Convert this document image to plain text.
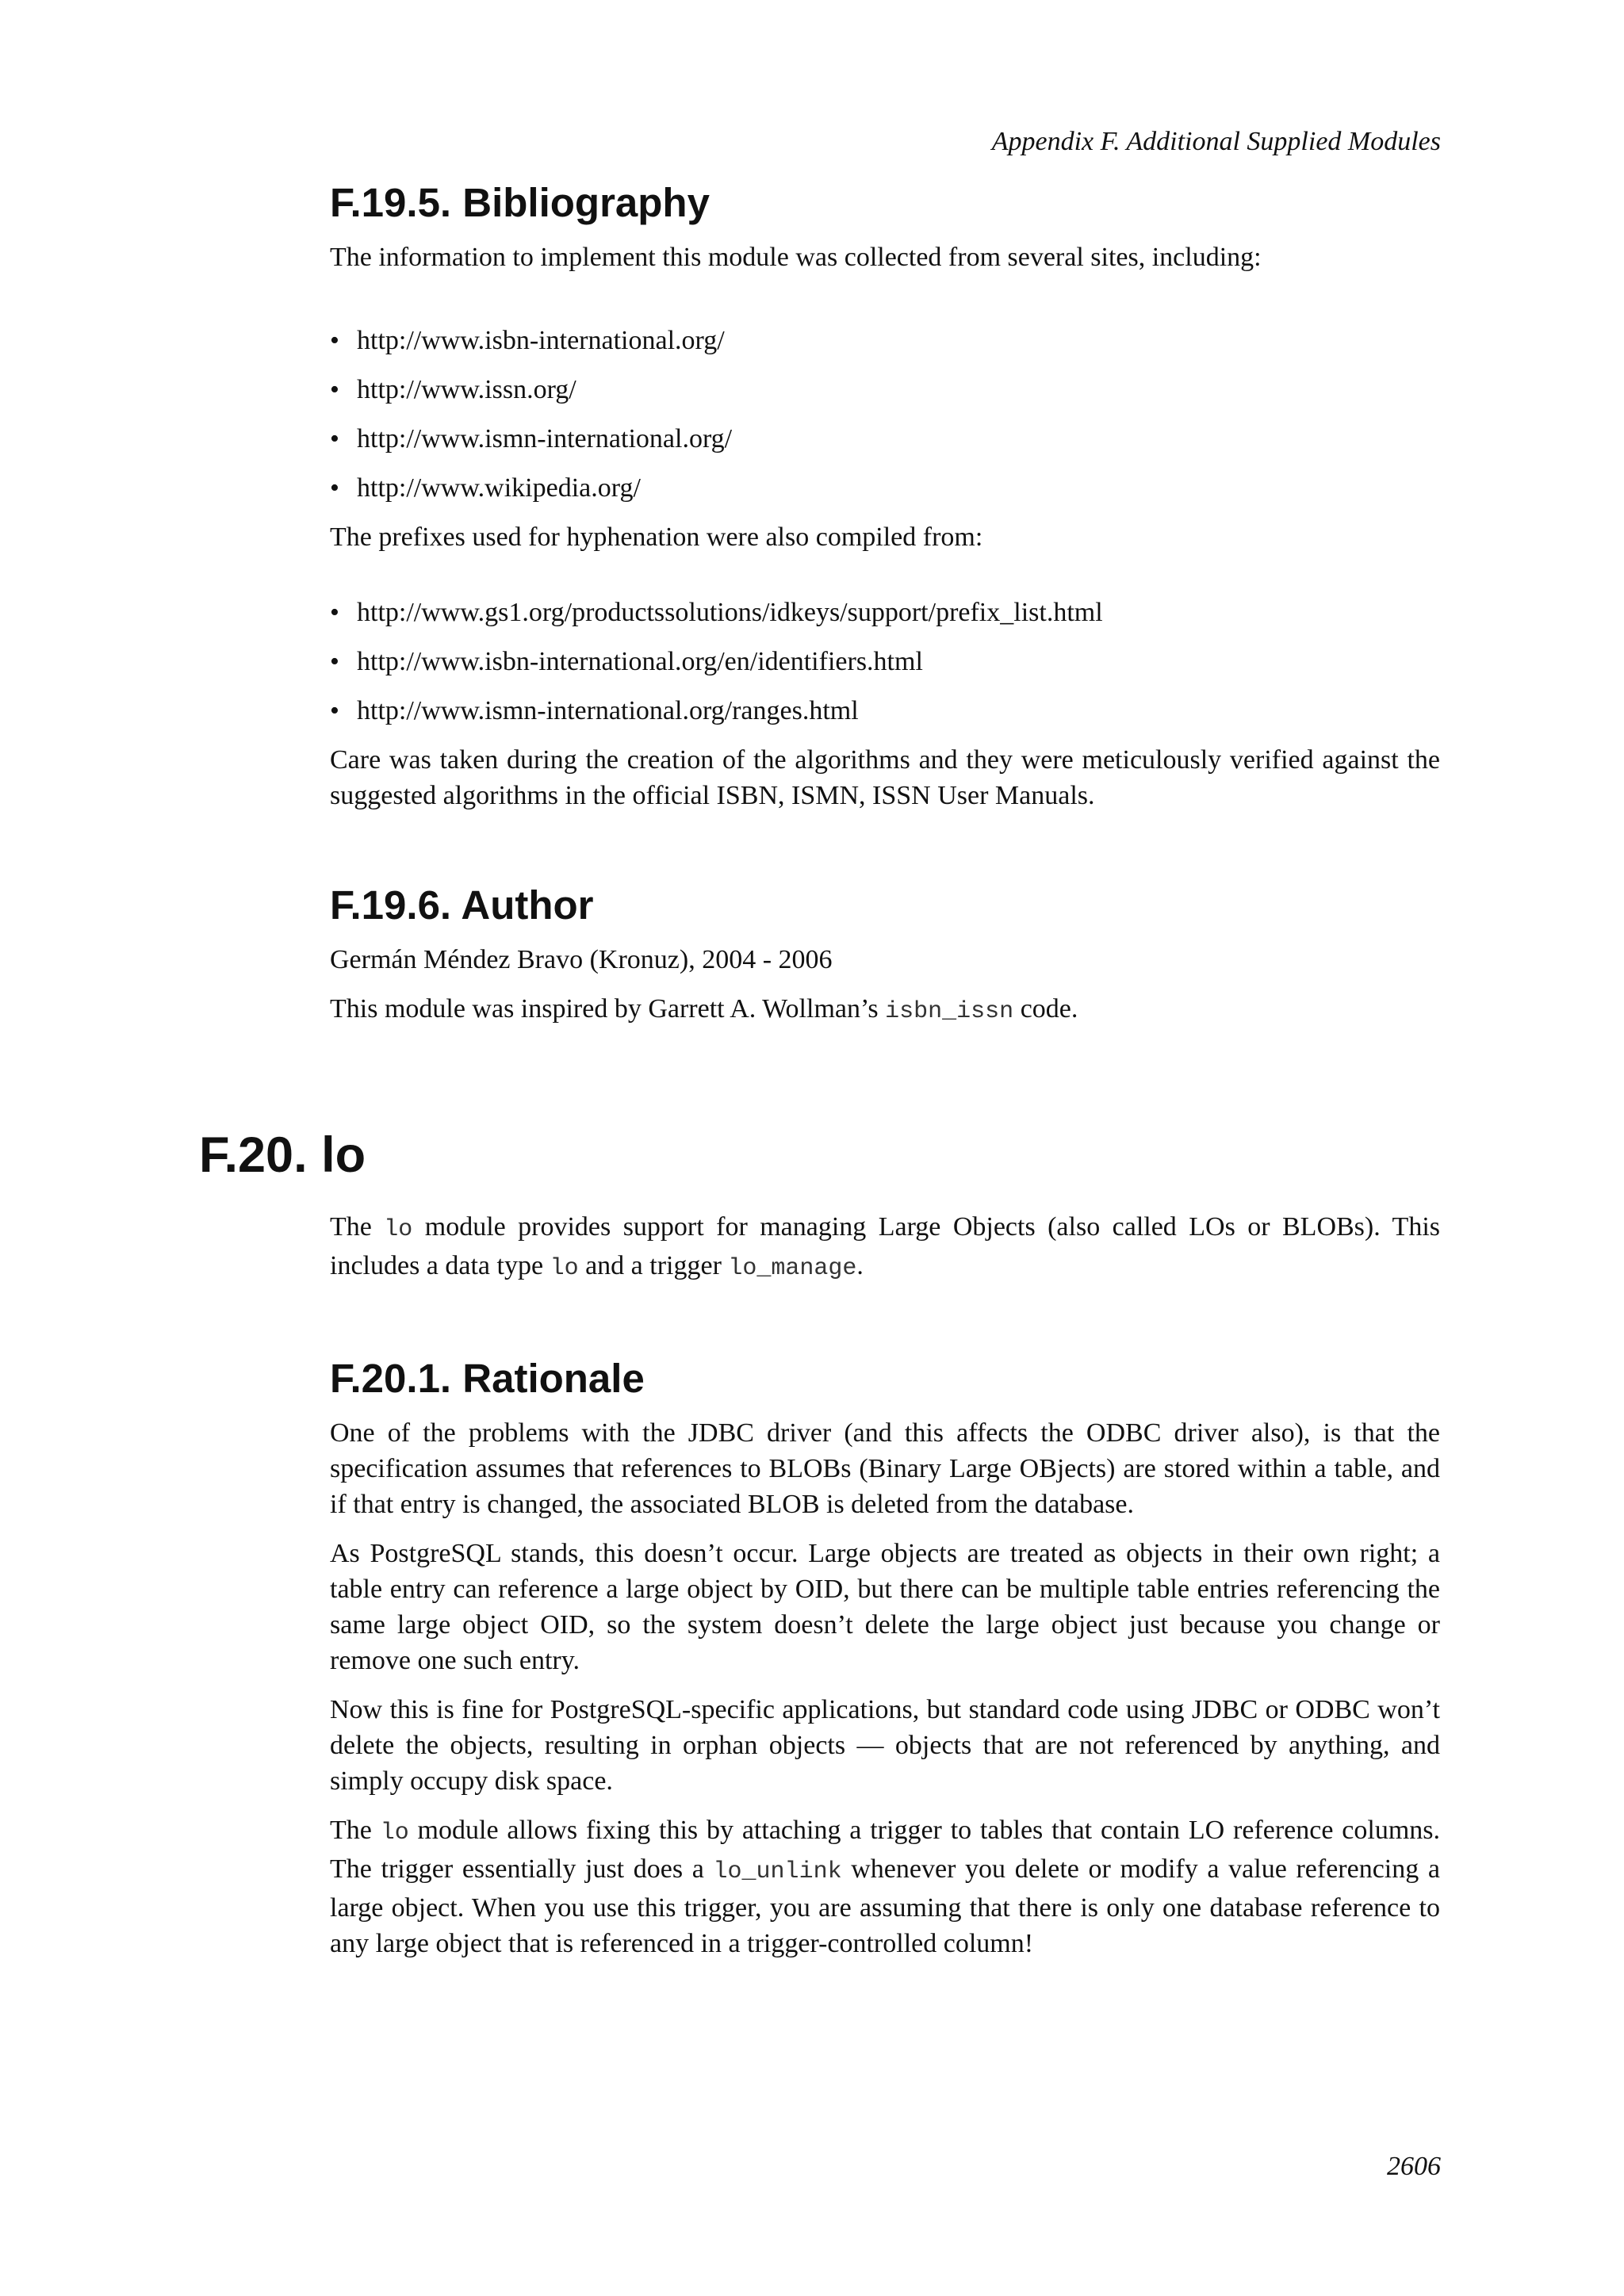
Appendix F. Additional Supplied Modules
F.19.5. Bibliography

The information to implement this module was collected from several sites, including:

• http://www.isbn-international.org/
• http://www.issn.org/
• http://www.ismn-international.org/
• http://www.wikipedia.org/

The prefixes used for hyphenation were also compiled from:

• http://www.gs1.org/productssolutions/idkeys/support/prefix_list.html
• http://www.isbn-international.org/en/identifiers.html
• http://www.ismn-international.org/ranges.html

Care was taken during the creation of the algorithms and they were meticulously verified against the suggested algorithms in the official ISBN, ISMN, ISSN User Manuals.

F.19.6. Author

Germán Méndez Bravo (Kronuz), 2004 - 2006

This module was inspired by Garrett A. Wollman’s isbn_issn code.

F.20. lo

The lo module provides support for managing Large Objects (also called LOs or BLOBs). This includes a data type lo and a trigger lo_manage.

F.20.1. Rationale

One of the problems with the JDBC driver (and this affects the ODBC driver also), is that the specification assumes that references to BLOBs (Binary Large OBjects) are stored within a table, and if that entry is changed, the associated BLOB is deleted from the database.

As PostgreSQL stands, this doesn’t occur. Large objects are treated as objects in their own right; a table entry can reference a large object by OID, but there can be multiple table entries referencing the same large object OID, so the system doesn’t delete the large object just because you change or remove one such entry.

Now this is fine for PostgreSQL-specific applications, but standard code using JDBC or ODBC won’t delete the objects, resulting in orphan objects — objects that are not referenced by anything, and simply occupy disk space.

The lo module allows fixing this by attaching a trigger to tables that contain LO reference columns. The trigger essentially just does a lo_unlink whenever you delete or modify a value referencing a large object. When you use this trigger, you are assuming that there is only one database reference to any large object that is referenced in a trigger-controlled column!

2606
